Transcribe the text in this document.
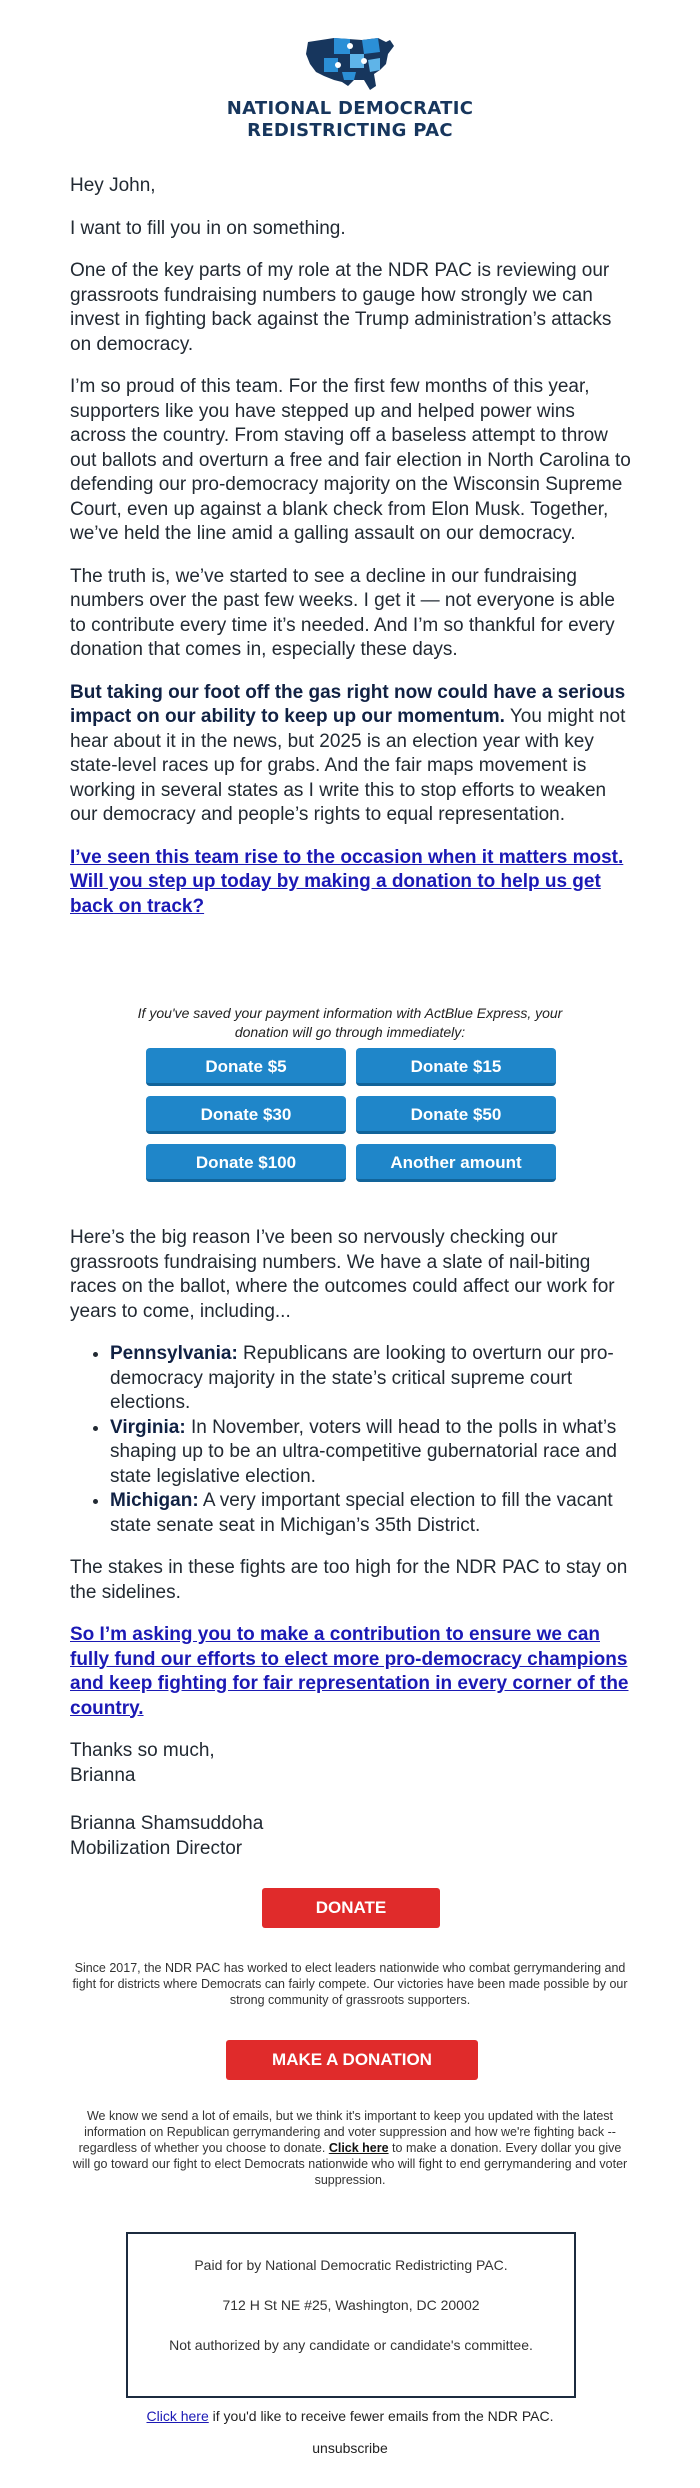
NATIONAL DEMOCRATIC
REDISTRICTING PAC

Hey John,

I want to fill you in on something.

One of the key parts of my role at the NDR PAC is reviewing our grassroots fundraising numbers to gauge how strongly we can invest in fighting back against the Trump administration’s attacks on democracy.

I’m so proud of this team. For the first few months of this year, supporters like you have stepped up and helped power wins across the country. From staving off a baseless attempt to throw out ballots and overturn a free and fair election in North Carolina to defending our pro-democracy majority on the Wisconsin Supreme Court, even up against a blank check from Elon Musk. Together, we’ve held the line amid a galling assault on our democracy.

The truth is, we’ve started to see a decline in our fundraising numbers over the past few weeks. I get it — not everyone is able to contribute every time it’s needed. And I’m so thankful for every donation that comes in, especially these days.

But taking our foot off the gas right now could have a serious impact on our ability to keep up our momentum. You might not hear about it in the news, but 2025 is an election year with key state-level races up for grabs. And the fair maps movement is working in several states as I write this to stop efforts to weaken our democracy and people’s rights to equal representation.

I’ve seen this team rise to the occasion when it matters most. Will you step up today by making a donation to help us get back on track?

If you've saved your payment information with ActBlue Express, your donation will go through immediately:
Donate $5	Donate $15
Donate $30	Donate $50
Donate $100	Another amount

Here’s the big reason I’ve been so nervously checking our grassroots fundraising numbers. We have a slate of nail-biting races on the ballot, where the outcomes could affect our work for years to come, including...

• Pennsylvania: Republicans are looking to overturn our pro-democracy majority in the state’s critical supreme court elections.
• Virginia: In November, voters will head to the polls in what’s shaping up to be an ultra-competitive gubernatorial race and state legislative election.
• Michigan: A very important special election to fill the vacant state senate seat in Michigan’s 35th District.

The stakes in these fights are too high for the NDR PAC to stay on the sidelines.

So I’m asking you to make a contribution to ensure we can fully fund our efforts to elect more pro-democracy champions and keep fighting for fair representation in every corner of the country.

Thanks so much,

Brianna

Brianna Shamsuddoha

Mobilization Director

DONATE
Since 2017, the NDR PAC has worked to elect leaders nationwide who combat gerrymandering and fight for districts where Democrats can fairly compete. Our victories have been made possible by our strong community of grassroots supporters.
MAKE A DONATION
We know we send a lot of emails, but we think it's important to keep you updated with the latest information on Republican gerrymandering and voter suppression and how we're fighting back -- regardless of whether you choose to donate. Click here to make a donation. Every dollar you give will go toward our fight to elect Democrats nationwide who will fight to end gerrymandering and voter suppression.

Paid for by National Democratic Redistricting PAC.

712 H St NE #25, Washington, DC 20002

Not authorized by any candidate or candidate's committee.

Click here if you'd like to receive fewer emails from the NDR PAC.
unsubscribe
